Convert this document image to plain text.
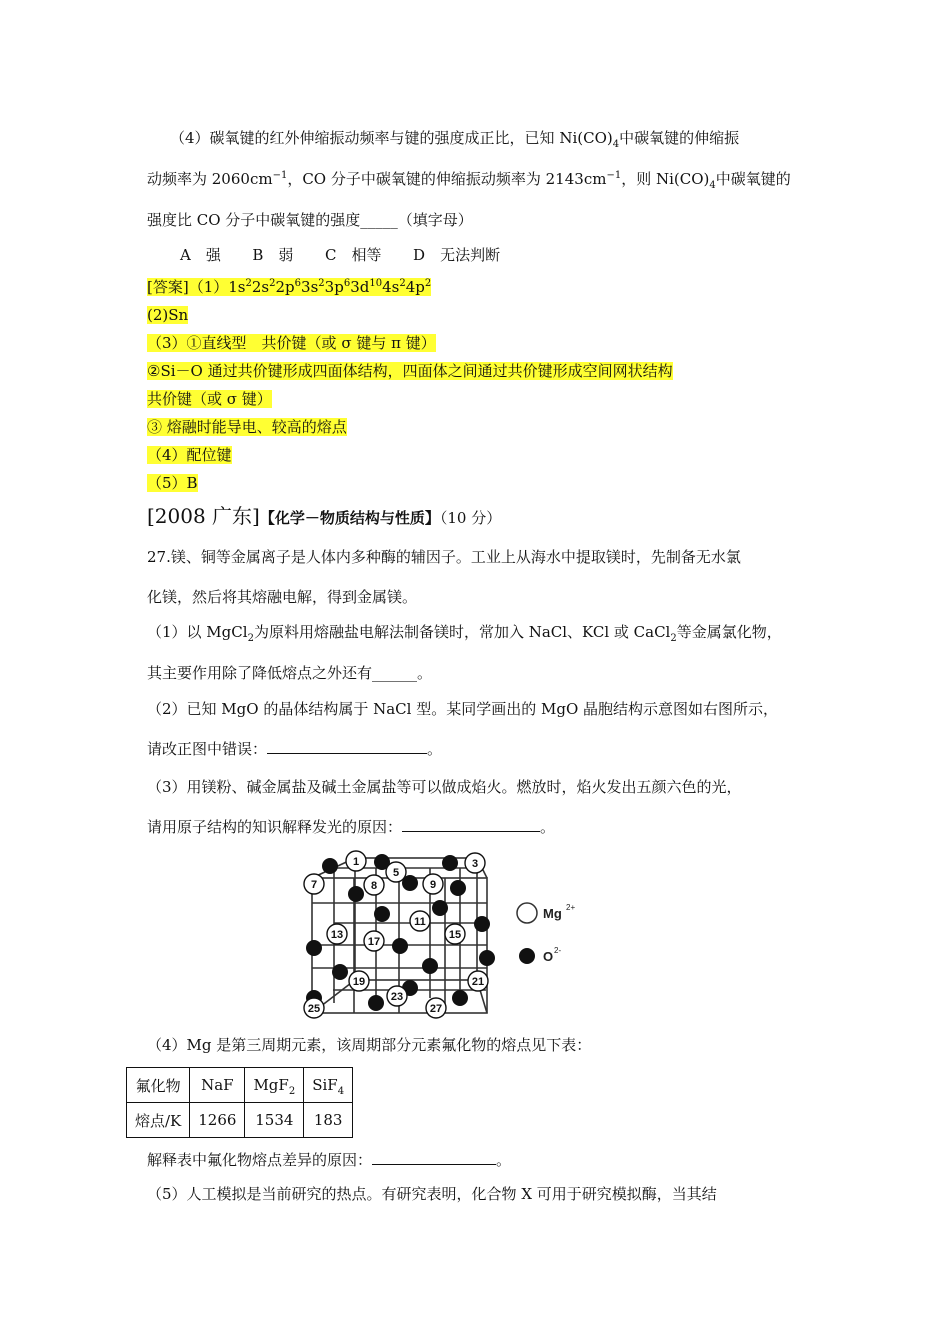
（4）碳氧键的红外伸缩振动频率与键的强度成正比，已知 $Ni(CO)_4$中碳氧键的伸缩振
动频率为 $2060cm^{-1}$，CO 分子中碳氧键的伸缩振动频率为 $2143cm^{-1}$，则 $Ni(CO)_4$中碳氧键的
强度比 CO 分子中碳氧键的强度_____（填字母）
A　强 B　弱 C　相等 D　无法判断
[答案]$(1)1s^22s^22p^63s^23p^63d^{10}4s^24p^2$
(2)Sn
（3）①直线型　共价键（或 σ 键与 π 键）
②Si－O 通过共价键形成四面体结构，四面体之间通过共价键形成空间网状结构
共价键（或 σ 键）
③ 熔融时能导电、较高的熔点
（4）配位键
（5）B
[2008 广东]【化学－物质结构与性质】（10 分）
27.镁、铜等金属离子是人体内多种酶的辅因子。工业上从海水中提取镁时，先制备无水氯
化镁，然后将其熔融电解，得到金属镁。
（1）以 MgCl$_2$为原料用熔融盐电解法制备镁时，常加入 NaCl、KCl 或 CaCl$_2$等金属氯化物，
其主要作用除了降低熔点之外还有______。
（2）已知 MgO 的晶体结构属于 NaCl 型。某同学画出的 MgO 晶胞结构示意图如右图所示，
请改正图中错误：	。
（3）用镁粉、碱金属盐及碱土金属盐等可以做成焰火。燃放时，焰火发出五颜六色的光，
请用原子结构的知识解释发光的原因：	。
1	3
5
7	8	9
11
13	15
17
19	21
23
25	27
Mg 2+
O 2-
（4）Mg 是第三周期元素，该周期部分元素氟化物的熔点见下表：
氟化物	NaF	MgF$_2$	SiF$_4$
熔点/K	1266	1534	183
解释表中氟化物熔点差异的原因：	。
（5）人工模拟是当前研究的热点。有研究表明，化合物 X 可用于研究模拟酶，当其结
